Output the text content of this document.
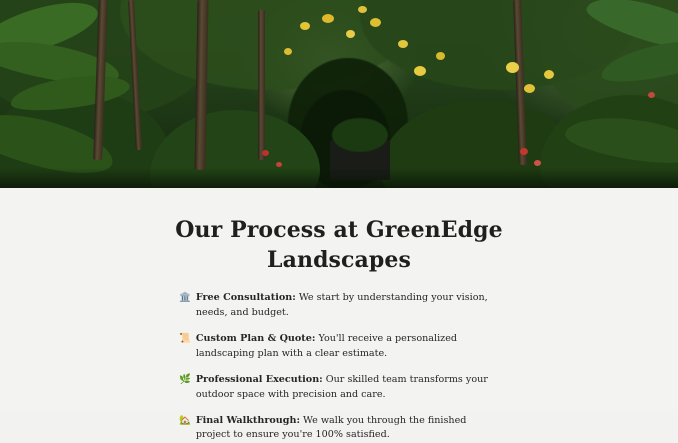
Our Process at GreenEdge Landscapes
🏛️ Free Consultation: We start by understanding your vision, needs, and budget.
📜 Custom Plan & Quote: You'll receive a personalized landscaping plan with a clear estimate.
🌿 Professional Execution: Our skilled team transforms your outdoor space with precision and care.
🏡 Final Walkthrough: We walk you through the finished project to ensure you're 100% satisfied.
